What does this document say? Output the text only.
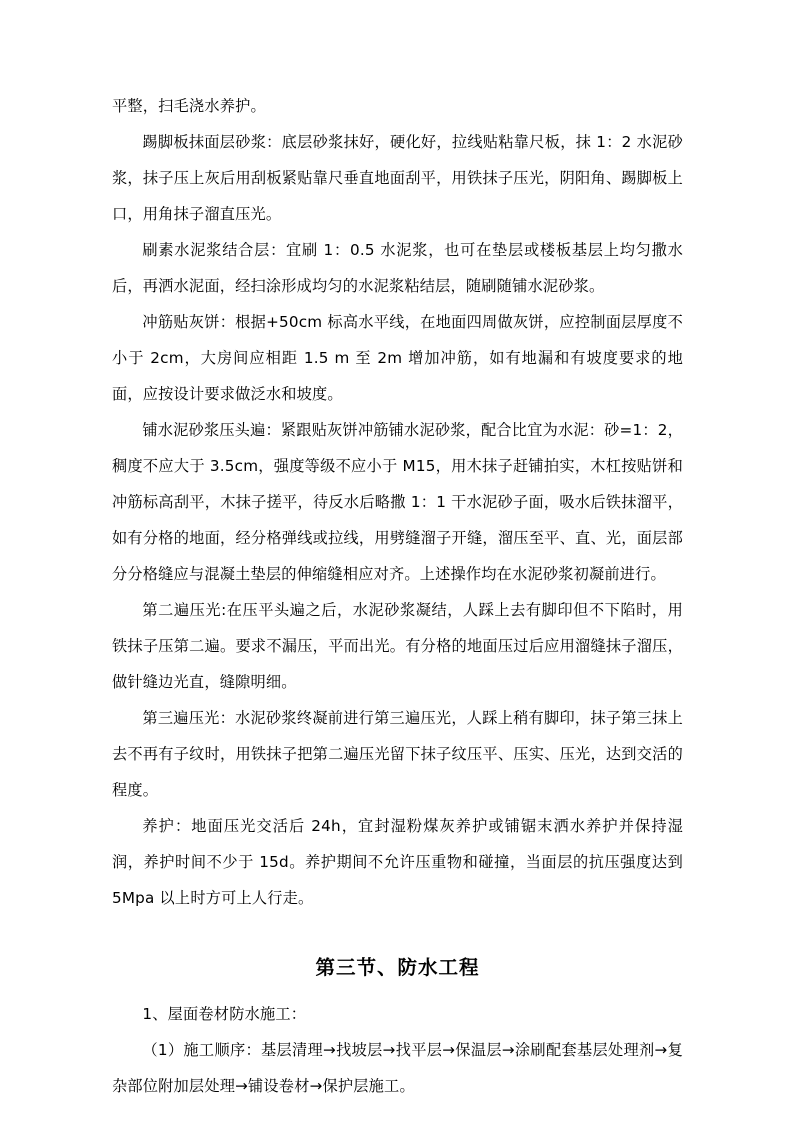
平整，扫毛浇水养护。

踢脚板抹面层砂浆：底层砂浆抹好，硬化好，拉线贴粘靠尺板，抹 1：2 水泥砂浆，抹子压上灰后用刮板紧贴靠尺垂直地面刮平，用铁抹子压光，阴阳角、踢脚板上口，用角抹子溜直压光。

刷素水泥浆结合层：宜刷 1：0.5 水泥浆，也可在垫层或楼板基层上均匀撒水后，再洒水泥面，经扫涂形成均匀的水泥浆粘结层，随刷随铺水泥砂浆。

冲筋贴灰饼：根据+50cm 标高水平线，在地面四周做灰饼，应控制面层厚度不小于 2cm，大房间应相距 1.5 m 至 2m 增加冲筋，如有地漏和有坡度要求的地面，应按设计要求做泛水和坡度。

铺水泥砂浆压头遍：紧跟贴灰饼冲筋铺水泥砂浆，配合比宜为水泥：砂=1：2，稠度不应大于 3.5cm，强度等级不应小于 M15，用木抹子赶铺拍实，木杠按贴饼和冲筋标高刮平，木抹子搓平，待反水后略撒 1：1 干水泥砂子面，吸水后铁抹溜平，如有分格的地面，经分格弹线或拉线，用劈缝溜子开缝，溜压至平、直、光，面层部分分格缝应与混凝土垫层的伸缩缝相应对齐。上述操作均在水泥砂浆初凝前进行。

第二遍压光:在压平头遍之后，水泥砂浆凝结，人踩上去有脚印但不下陷时，用铁抹子压第二遍。要求不漏压，平而出光。有分格的地面压过后应用溜缝抹子溜压，做针缝边光直，缝隙明细。

第三遍压光：水泥砂浆终凝前进行第三遍压光，人踩上稍有脚印，抹子第三抹上去不再有子纹时，用铁抹子把第二遍压光留下抹子纹压平、压实、压光，达到交活的程度。

养护：地面压光交活后 24h，宜封湿粉煤灰养护或铺锯末洒水养护并保持湿润，养护时间不少于 15d。养护期间不允许压重物和碰撞，当面层的抗压强度达到 5Mpa 以上时方可上人行走。

第三节、防水工程

1、屋面卷材防水施工：

（1）施工顺序：基层清理→找坡层→找平层→保温层→涂刷配套基层处理剂→复杂部位附加层处理→铺设卷材→保护层施工。
